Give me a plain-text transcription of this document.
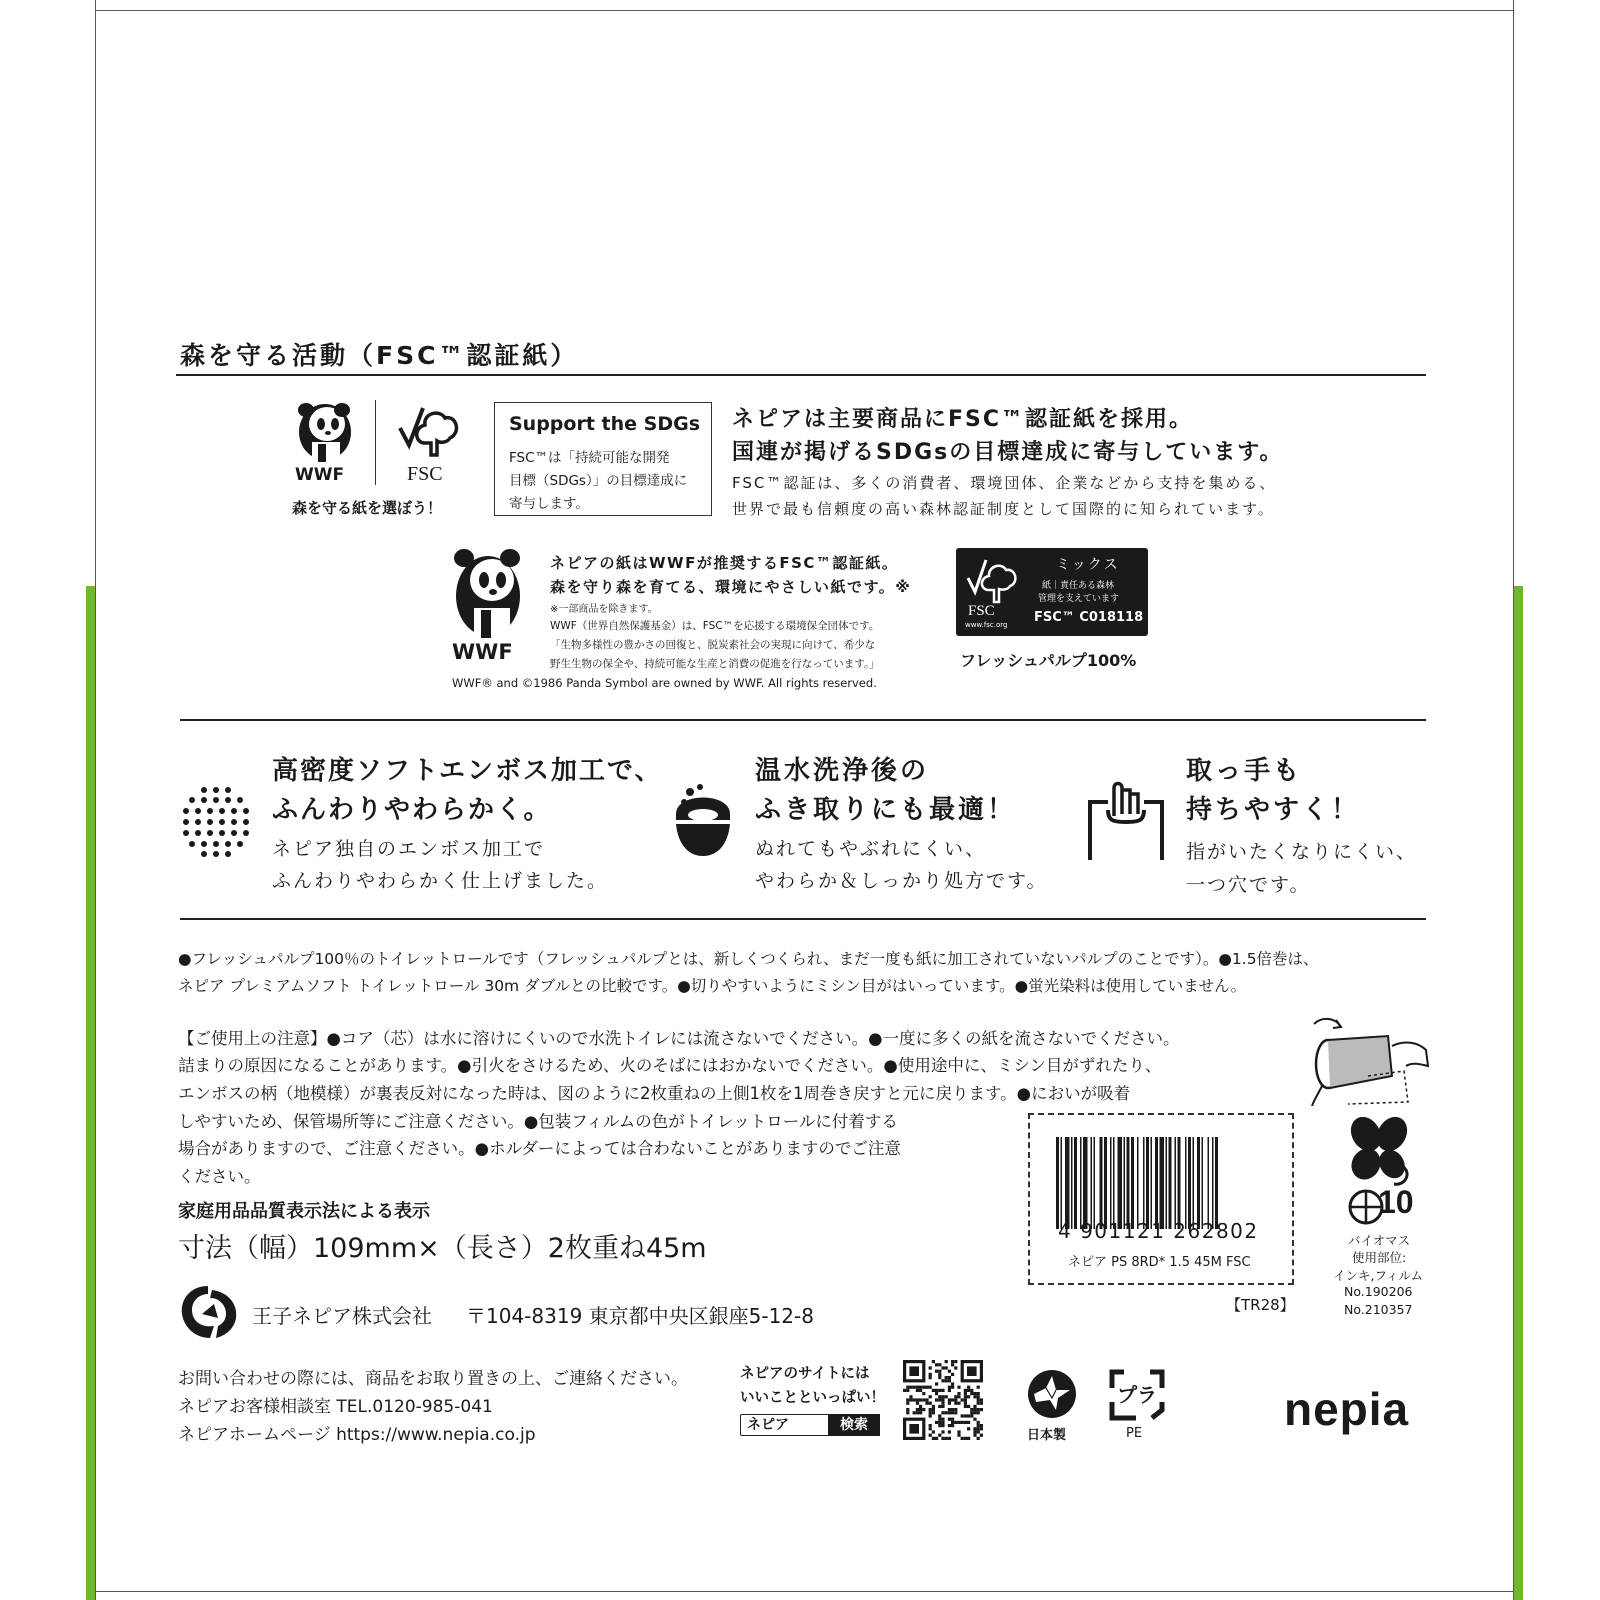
森を守る活動（FSC™認証紙）
WWF	FSC
森を守る紙を選ぼう！
Support the SDGs
FSC™は「持続可能な開発
目標（SDGs）」の目標達成に
寄与します。
ネピアは主要商品にFSC™認証紙を採用。
国連が掲げるSDGsの目標達成に寄与しています。
FSC™認証は、多くの消費者、環境団体、企業などから支持を集める、
世界で最も信頼度の高い森林認証制度として国際的に知られています。
WWF
ネピアの紙はWWFが推奨するFSC™認証紙。
森を守り森を育てる、環境にやさしい紙です。※
※一部商品を除きます。
WWF（世界自然保護基金）は、FSC™を応援する環境保全団体です。
「生物多様性の豊かさの回復と、脱炭素社会の実現に向けて、希少な
野生生物の保全や、持続可能な生産と消費の促進を行なっています。」
WWF® and ©1986 Panda Symbol are owned by WWF. All rights reserved.
FSC
www.fsc.org
ミックス
紙｜責任ある森林
管理を支えています
FSC™ C018118
フレッシュパルプ100%
高密度ソフトエンボス加工で、
ふんわりやわらかく。
ネピア独自のエンボス加工で
ふんわりやわらかく仕上げました。
温水洗浄後の
ふき取りにも最適！
ぬれてもやぶれにくい、
やわらか＆しっかり処方です。
取っ手も
持ちやすく！
指がいたくなりにくい、
一つ穴です。
●フレッシュパルプ100％のトイレットロールです（フレッシュパルプとは、新しくつくられ、まだ一度も紙に加工されていないパルプのことです）。●1.5倍巻は、
ネピア プレミアムソフト トイレットロール 30m ダブルとの比較です。●切りやすいようにミシン目がはいっています。●蛍光染料は使用していません。
【ご使用上の注意】●コア（芯）は水に溶けにくいので水洗トイレには流さないでください。●一度に多くの紙を流さないでください。
詰まりの原因になることがあります。●引火をさけるため、火のそばにはおかないでください。●使用途中に、ミシン目がずれたり、
エンボスの柄（地模様）が裏表反対になった時は、図のように2枚重ねの上側1枚を1周巻き戻すと元に戻ります。●においが吸着
しやすいため、保管場所等にご注意ください。●包装フィルムの色がトイレットロールに付着する
場合がありますので、ご注意ください。●ホルダーによっては合わないことがありますのでご注意
ください。
家庭用品品質表示法による表示
寸法（幅）109mm×（長さ）2枚重ね45m
4 901121 262802
ネピア PS 8RD* 1.5 45M FSC
【TR28】
10
バイオマス
使用部位:
インキ,フィルム
No.190206
No.210357
王子ネピア株式会社 〒104-8319 東京都中央区銀座5-12-8
お問い合わせの際には、商品をお取り置きの上、ご連絡ください。
ネピアお客様相談室 TEL.0120-985-041
ネピアホームページ https://www.nepia.co.jp
ネピアのサイトには
いいことといっぱい！
ネピア	検索
日本製
プラ
PE	nepia
